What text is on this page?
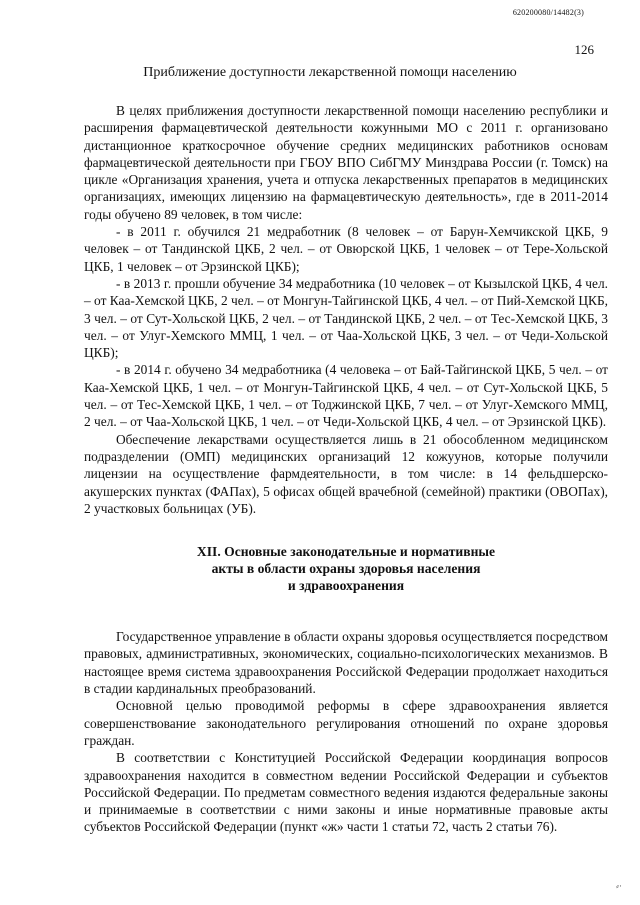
620200080/14482(3)
126
Приближение доступности лекарственной помощи населению

В целях приближения доступности лекарственной помощи населению республики и расширения фармацевтической деятельности кожунными МО с 2011 г. организовано дистанционное краткосрочное обучение средних медицинских работников основам фармацевтической деятельности при ГБОУ ВПО СибГМУ Минздрава России (г. Томск) на цикле «Организация хранения, учета и отпуска лекарственных препаратов в медицинских организациях, имеющих лицензию на фармацевтическую деятельность», где в 2011-2014 годы обучено 89 человек, в том числе:

- в 2011 г. обучился 21 медработник (8 человек – от Барун-Хемчикской ЦКБ, 9 человек – от Тандинской ЦКБ, 2 чел. – от Овюрской ЦКБ, 1 человек – от Тере-Хольской ЦКБ, 1 человек – от Эрзинской ЦКБ);

- в 2013 г. прошли обучение 34 медработника (10 человек – от Кызылской ЦКБ, 4 чел. – от Каа-Хемской ЦКБ, 2 чел. – от Монгун-Тайгинской ЦКБ, 4 чел. – от Пий-Хемской ЦКБ, 3 чел. – от Сут-Хольской ЦКБ, 2 чел. – от Тандинской ЦКБ, 2 чел. – от Тес-Хемской ЦКБ, 3 чел. – от Улуг-Хемского ММЦ, 1 чел. – от Чаа-Хольской ЦКБ, 3 чел. – от Чеди-Хольской ЦКБ);

- в 2014 г. обучено 34 медработника (4 человека – от Бай-Тайгинской ЦКБ, 5 чел. – от Каа-Хемской ЦКБ, 1 чел. – от Монгун-Тайгинской ЦКБ, 4 чел. – от Сут-Хольской ЦКБ, 5 чел. – от Тес-Хемской ЦКБ, 1 чел. – от Тоджинской ЦКБ, 7 чел. – от Улуг-Хемского ММЦ, 2 чел. – от Чаа-Хольской ЦКБ, 1 чел. – от Чеди-Хольской ЦКБ, 4 чел. – от Эрзинской ЦКБ).

Обеспечение лекарствами осуществляется лишь в 21 обособленном медицинском подразделении (ОМП) медицинских организаций 12 кожуунов, которые получили лицензии на осуществление фармдеятельности, в том числе: в 14 фельдшерско-акушерских пунктах (ФАПах), 5 офисах общей врачебной (семейной) практики (ОВОПах), 2 участковых больницах (УБ).

XII. Основные законодательные и нормативные
акты в области охраны здоровья населения
и здравоохранения

Государственное управление в области охраны здоровья осуществляется посредством правовых, административных, экономических, социально-психологических механизмов. В настоящее время система здравоохранения Российской Федерации продолжает находиться в стадии кардинальных преобразований.

Основной целью проводимой реформы в сфере здравоохранения является совершенствование законодательного регулирования отношений по охране здоровья граждан.

В соответствии с Конституцией Российской Федерации координация вопросов здравоохранения находится в совместном ведении Российской Федерации и субъектов Российской Федерации. По предметам совместного ведения издаются федеральные законы и принимаемые в соответствии с ними законы и иные нормативные правовые акты субъектов Российской Федерации (пункт «ж» части 1 статьи 72, часть 2 статьи 76).

⸗·
